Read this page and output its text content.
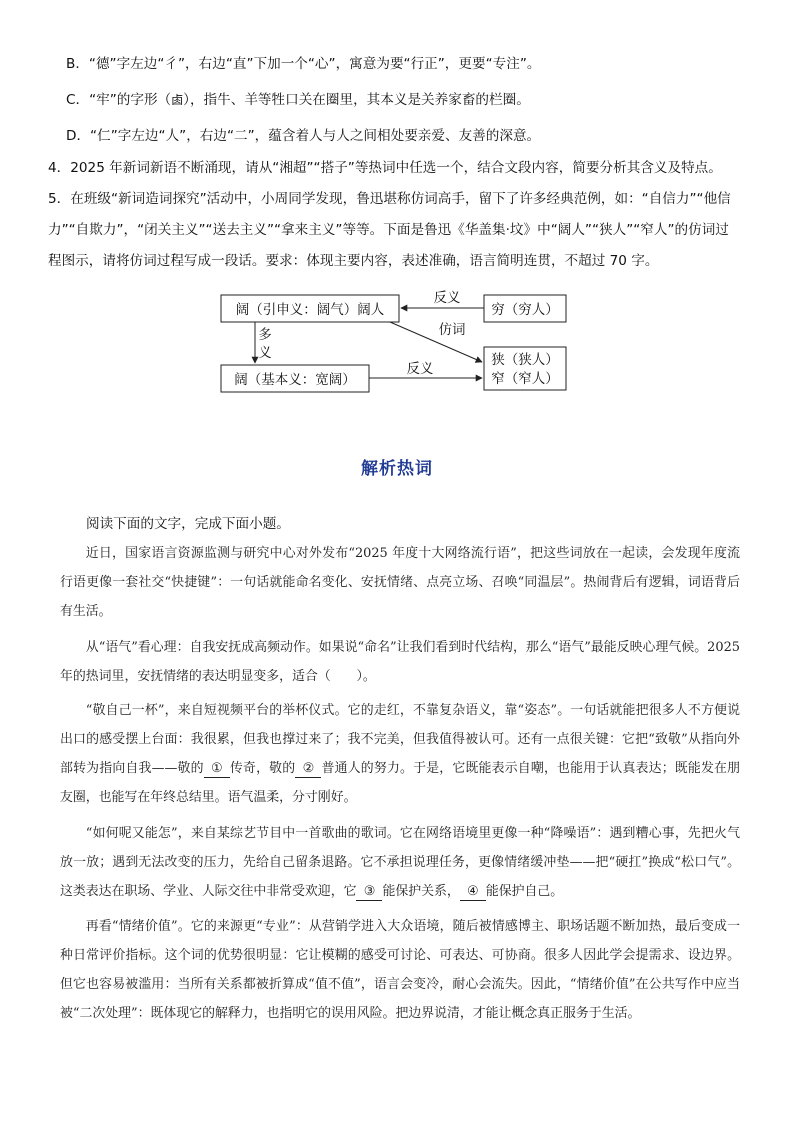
B．“德”字左边“彳”，右边“直”下加一个“心”，寓意为要“行正”，更要“专注”。
C．“牢”的字形（𠧪），指牛、羊等牲口关在圈里，其本义是关养家畜的栏圈。
D．“仁”字左边“人”，右边“二”，蕴含着人与人之间相处要亲爱、友善的深意。
4．2025 年新词新语不断涌现，请从“湘超”“搭子”等热词中任选一个，结合文段内容，简要分析其含义及特点。
5．在班级“新词造词探究”活动中，小周同学发现，鲁迅堪称仿词高手，留下了许多经典范例，如：“自信力”“他信
力”“自欺力”，“闭关主义”“送去主义”“拿来主义”等等。下面是鲁迅《华盖集·坟》中“阔人”“狭人”“窄人”的仿词过
程图示，请将仿词过程写成一段话。要求：体现主要内容，表述准确，语言简明连贯，不超过 70 字。
阔（引申义：阔气）阔人	穷（穷人）
阔（基本义：宽阔）
狭（狭人）
窄（窄人）
反义
仿词
多
义
反义
解析热词
阅读下面的文字，完成下面小题。
近日，国家语言资源监测与研究中心对外发布“2025 年度十大网络流行语”，把这些词放在一起读，会发现年度流行语更像一套社交“快捷键”：一句话就能命名变化、安抚情绪、点亮立场、召唤“同温层”。热闹背后有逻辑，词语背后有生活。
从“语气”看心理：自我安抚成高频动作。如果说“命名”让我们看到时代结构，那么“语气”最能反映心理气候。2025 年的热词里，安抚情绪的表达明显变多，适合（　　）。
“敬自己一杯”，来自短视频平台的举杯仪式。它的走红，不靠复杂语义，靠“姿态”。一句话就能把很多人不方便说出口的感受摆上台面：我很累，但我也撑过来了；我不完美，但我值得被认可。还有一点很关键：它把“致敬”从指向外部转为指向自我——敬的 ① 传奇，敬的 ② 普通人的努力。于是，它既能表示自嘲，也能用于认真表达；既能发在朋友圈，也能写在年终总结里。语气温柔，分寸刚好。
“如何呢又能怎”，来自某综艺节目中一首歌曲的歌词。它在网络语境里更像一种“降噪语”：遇到糟心事，先把火气放一放；遇到无法改变的压力，先给自己留条退路。它不承担说理任务，更像情绪缓冲垫——把“硬扛”换成“松口气”。这类表达在职场、学业、人际交往中非常受欢迎，它 ③ 能保护关系， ④ 能保护自己。
再看“情绪价值”。它的来源更“专业”：从营销学进入大众语境，随后被情感博主、职场话题不断加热，最后变成一种日常评价指标。这个词的优势很明显：它让模糊的感受可讨论、可表达、可协商。很多人因此学会提需求、设边界。但它也容易被滥用：当所有关系都被折算成“值不值”，语言会变冷，耐心会流失。因此，“情绪价值”在公共写作中应当被“二次处理”：既体现它的解释力，也指明它的误用风险。把边界说清，才能让概念真正服务于生活。
